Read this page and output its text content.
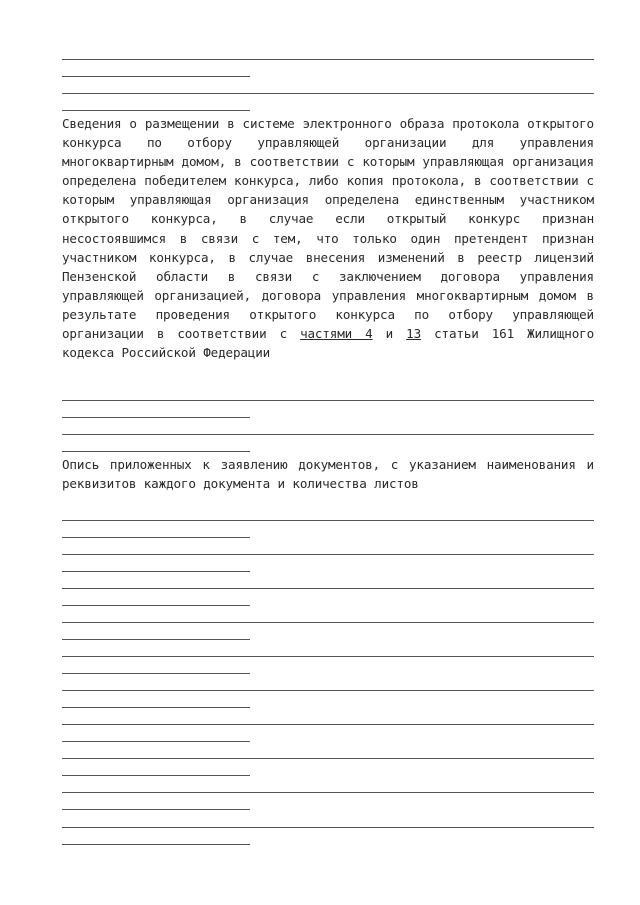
Сведения о размещении в системе электронного образа протокола открытого конкурса по отбору управляющей организации для управления многоквартирным домом, в соответствии с которым управляющая организация определена победителем конкурса, либо копия протокола, в соответствии с которым управляющая организация определена единственным участником открытого конкурса, в случае если открытый конкурс признан несостоявшимся в связи с тем, что только один претендент признан участником конкурса, в случае внесения изменений в реестр лицензий Пензенской области в связи с заключением договора управления управляющей организацией, договора управления многоквартирным домом в результате проведения открытого конкурса по отбору управляющей организации в соответствии с частями 4 и 13 статьи 161 Жилищного кодекса Российской Федерации

Опись приложенных к заявлению документов, с указанием наименования и реквизитов каждого документа и количества листов
